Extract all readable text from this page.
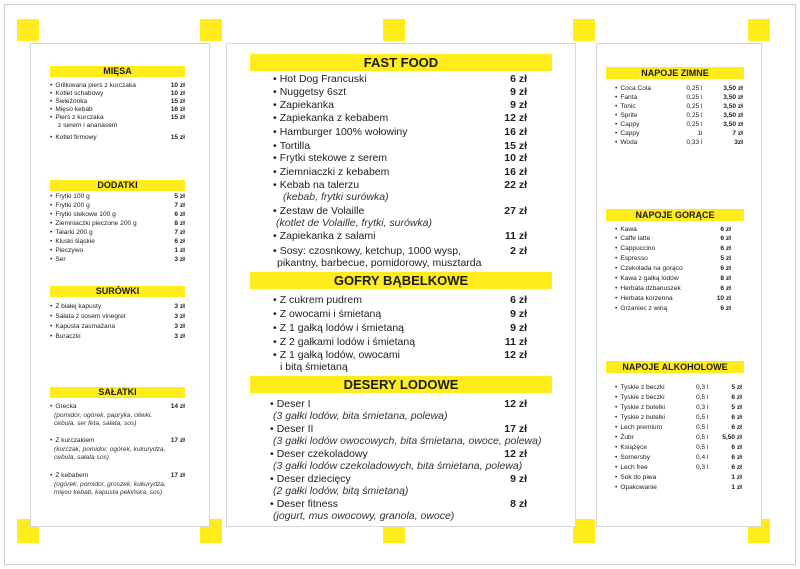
MIĘSA
• Grillowana pierś z kurczaka	10 zł
• Kotlet schabowy	10 zł
• Świeżonka	15 zł
• Mięso kebab	16 zł
• Pierś z kurczaka	15 zł
z serem i ananasem
• Kotlet firmowy	15 zł
DODATKI
• Frytki 100 g	5 zł
• Frytki 200 g	7 zł
• Frytki stekowe 100 g	6 zł
• Ziemniaczki pieczone 200 g	8 zł
• Talarki 200 g	7 zł
• Kluski śląskie	6 zł
• Pieczywo	1 zł
• Ser	3 zł
SURÓWKI
• Z białej kapusty	3 zł
• Sałata z sosem vinegret	3 zł
• Kapusta zasmażana	3 zł
• Buraczki	3 zł
SAŁATKI
• Grecka	14 zł
(pomidor, ogórek, papryka, oliwki,
cebula, ser feta, sałata, sos)
• Z kurczakiem	17 zł
(kurczak, pomidor, ogórek, kukurydza,
cebula, sałata sos)
• Z kebabem	17 zł
(ogórek, pomidor, groszek, kukurydza,
mięso kebab, kapusta pekińska, sos)
FAST FOOD
• Hot Dog Francuski	6 zł
• Nuggetsy 6szt	9 zł
• Zapiekanka	9 zł
• Zapiekanka z kebabem	12 zł
• Hamburger 100% wołowiny	16 zł
• Tortilla	15 zł
• Frytki stekowe z serem	10 zł
• Ziemniaczki z kebabem	16 zł
• Kebab na talerzu	22 zł
(kebab, frytki surówka)
• Zestaw de Volaille	27 zł
(kotlet de Volaille, frytki, surówka)
• Zapiekanka z salami	11 zł
• Sosy: czosnkowy, ketchup, 1000 wysp,	2 zł
pikantny, barbecue, pomidorowy, musztarda
GOFRY BĄBELKOWE
• Z cukrem pudrem	6 zł
• Z owocami i śmietaną	9 zł
• Z 1 gałką lodów i śmietaną	9 zł
• Z 2 gałkami lodów i śmietaną	11 zł
• Z 1 gałką lodów, owocami	12 zł
i bitą śmietaną
DESERY LODOWE
• Deser I	12 zł
(3 gałki lodów, bita śmietana, polewa)
• Deser II	17 zł
(3 gałki lodów owocowych, bita śmietana, owoce, polewa)
• Deser czekoladowy	12 zł
(3 gałki lodów czekoladowych, bita śmietana, polewa)
• Deser dziecięcy	9 zł
(2 gałki lodów, bitą śmietaną)
• Deser fitness	8 zł
(jogurt, mus owocowy, granola, owoce)
NAPOJE ZIMNE
• Coca Cola	0,25 l	3,50 zł
• Fanta	0,25 l	3,50 zł
• Tonic	0,25 l	3,50 zł
• Sprite	0,25 l	3,50 zł
• Cappy	0,25 l	3,50 zł
• Cappy	1l	7 zł
• Woda	0,33 l	3zł
NAPOJE GORĄCE
• Kawa	6 zł
• Caffe latte	6 zł
• Cappuccino	6 zł
• Espresso	5 zł
• Czekolada na gorąco	6 zł
• Kawa z gałką lodów	8 zł
• Herbata dzbanuszek	6 zł
• Herbata korzenna	10 zł
• Grzaniec z winą	6 zł
NAPOJE ALKOHOLOWE
• Tyskie z beczki	0,3 l	5 zł
• Tyskie z beczki	0,5 l	6 zł
• Tyskie z butelki	0,3 l	5 zł
• Tyskie z butelki	0,5 l	6 zł
• Lech premium	0,5 l	6 zł
• Żubr	0,5 l	5,50 zł
• Książęce	0,5 l	6 zł
• Somersby	0,4 l	6 zł
• Lech free	0,3 l	6 zł
• Sok do piwa	1 zł
• Opakowanie	1 zł
